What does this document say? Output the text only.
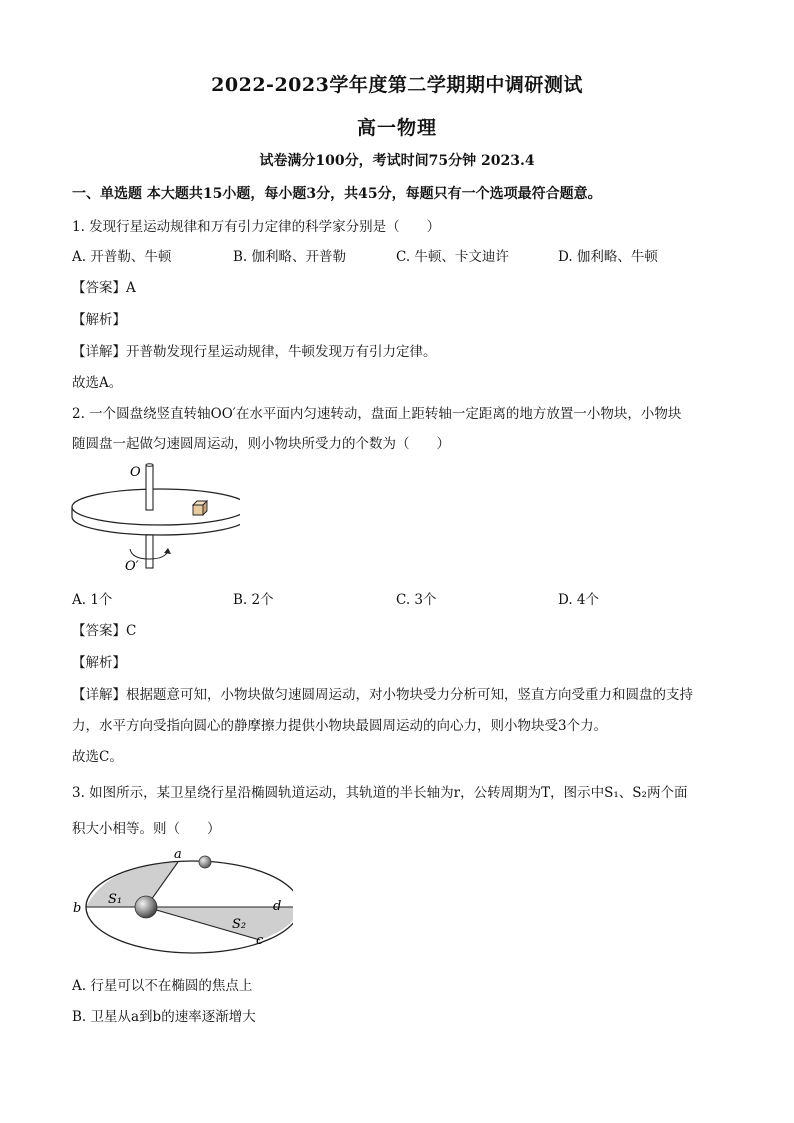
2022-2023学年度第二学期期中调研测试
高一物理
试卷满分100分，考试时间75分钟 2023.4
一、单选题 本大题共15小题，每小题3分，共45分，每题只有一个选项最符合题意。
1. 发现行星运动规律和万有引力定律的科学家分别是（　　）
A. 开普勒、牛顿	B. 伽利略、开普勒	C. 牛顿、卡文迪许	D. 伽利略、牛顿
【答案】A
【解析】
【详解】开普勒发现行星运动规律，牛顿发现万有引力定律。
故选A。
2. 一个圆盘绕竖直转轴OO′在水平面内匀速转动，盘面上距转轴一定距离的地方放置一小物块，小物块
随圆盘一起做匀速圆周运动，则小物块所受力的个数为（　　）
O
O′
A. 1个	B. 2个	C. 3个	D. 4个
【答案】C
【解析】
【详解】根据题意可知，小物块做匀速圆周运动，对小物块受力分析可知，竖直方向受重力和圆盘的支持
力，水平方向受指向圆心的静摩擦力提供小物块最圆周运动的向心力，则小物块受3个力。
故选C。
3. 如图所示，某卫星绕行星沿椭圆轨道运动，其轨道的半长轴为r，公转周期为T，图示中S₁、S₂两个面
积大小相等。则（　　）
a
b
c
d
S₁
S₂
A. 行星可以不在椭圆的焦点上
B. 卫星从a到b的速率逐渐增大
